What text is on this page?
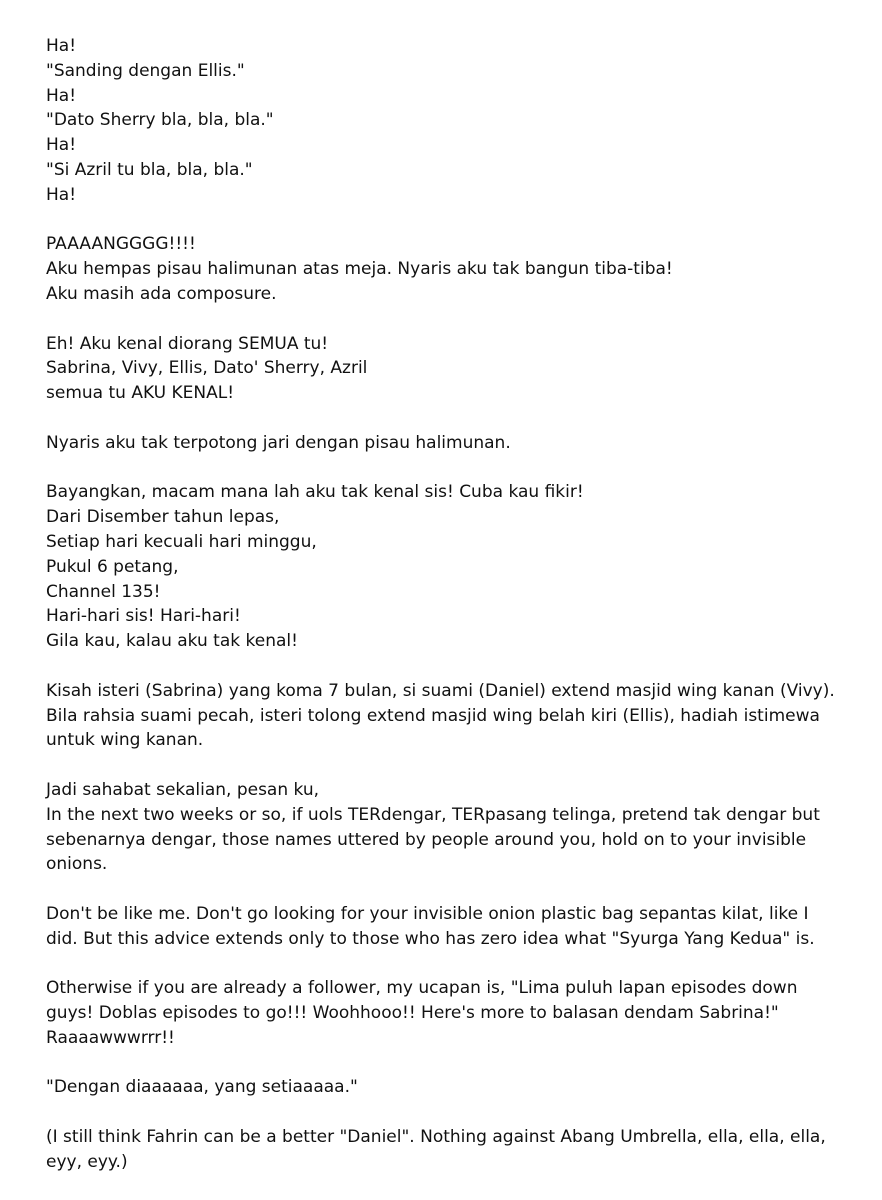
Ha!
"Sanding dengan Ellis."
Ha!
"Dato Sherry bla, bla, bla."
Ha!
"Si Azril tu bla, bla, bla."
Ha!
PAAAANGGGG!!!!
Aku hempas pisau halimunan atas meja. Nyaris aku tak bangun tiba-tiba!
Aku masih ada composure.
Eh! Aku kenal diorang SEMUA tu!
Sabrina, Vivy, Ellis, Dato' Sherry, Azril
semua tu AKU KENAL!
Nyaris aku tak terpotong jari dengan pisau halimunan.
Bayangkan, macam mana lah aku tak kenal sis! Cuba kau fikir!
Dari Disember tahun lepas,
Setiap hari kecuali hari minggu,
Pukul 6 petang,
Channel 135!
Hari-hari sis! Hari-hari!
Gila kau, kalau aku tak kenal!
Kisah isteri (Sabrina) yang koma 7 bulan, si suami (Daniel) extend masjid wing kanan (Vivy).
Bila rahsia suami pecah, isteri tolong extend masjid wing belah kiri (Ellis), hadiah istimewa
untuk wing kanan.
Jadi sahabat sekalian, pesan ku,
In the next two weeks or so, if uols TERdengar, TERpasang telinga, pretend tak dengar but
sebenarnya dengar, those names uttered by people around you, hold on to your invisible
onions.
Don't be like me. Don't go looking for your invisible onion plastic bag sepantas kilat, like I
did. But this advice extends only to those who has zero idea what "Syurga Yang Kedua" is.
Otherwise if you are already a follower, my ucapan is, "Lima puluh lapan episodes down
guys! Doblas episodes to go!!! Woohhooo!! Here's more to balasan dendam Sabrina!"
Raaaawwwrrr!!
"Dengan diaaaaaa, yang setiaaaaa."
(I still think Fahrin can be a better "Daniel". Nothing against Abang Umbrella, ella, ella, ella,
eyy, eyy.)
